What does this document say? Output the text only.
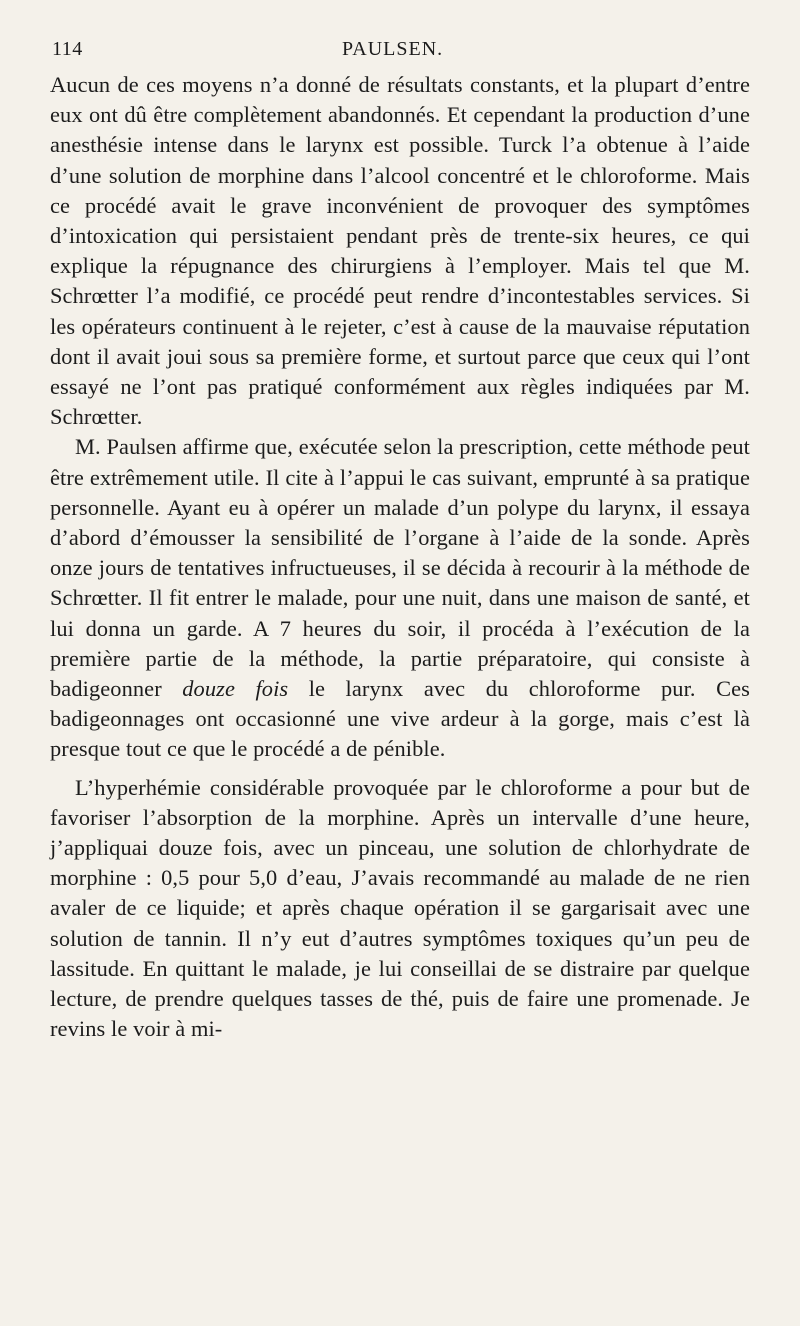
114	PAULSEN.

Aucun de ces moyens n’a donné de résultats constants, et la plupart d’entre eux ont dû être complètement abandonnés. Et cependant la production d’une anesthésie intense dans le larynx est possible. Turck l’a obtenue à l’aide d’une solution de morphine dans l’alcool concentré et le chloroforme. Mais ce procédé avait le grave inconvénient de provoquer des symptômes d’intoxication qui persistaient pendant près de trente-six heures, ce qui explique la répugnance des chirurgiens à l’employer. Mais tel que M. Schrœtter l’a modifié, ce procédé peut rendre d’incontestables services. Si les opérateurs continuent à le rejeter, c’est à cause de la mauvaise réputation dont il avait joui sous sa première forme, et surtout parce que ceux qui l’ont essayé ne l’ont pas pratiqué conformément aux règles indiquées par M. Schrœtter.

M. Paulsen affirme que, exécutée selon la prescription, cette méthode peut être extrêmement utile. Il cite à l’appui le cas suivant, emprunté à sa pratique personnelle. Ayant eu à opérer un malade d’un polype du larynx, il essaya d’abord d’émousser la sensibilité de l’organe à l’aide de la sonde. Après onze jours de tentatives infructueuses, il se décida à recourir à la méthode de Schrœtter. Il fit entrer le malade, pour une nuit, dans une maison de santé, et lui donna un garde. A 7 heures du soir, il procéda à l’exécution de la première partie de la méthode, la partie préparatoire, qui consiste à badigeonner douze fois le larynx avec du chloroforme pur. Ces badigeonnages ont occasionné une vive ardeur à la gorge, mais c’est là presque tout ce que le procédé a de pénible.

L’hyperhémie considérable provoquée par le chloroforme a pour but de favoriser l’absorption de la morphine. Après un intervalle d’une heure, j’appliquai douze fois, avec un pinceau, une solution de chlorhydrate de morphine : 0,5 pour 5,0 d’eau, J’avais recommandé au malade de ne rien avaler de ce liquide; et après chaque opération il se gargarisait avec une solution de tannin. Il n’y eut d’autres symptômes toxiques qu’un peu de lassitude. En quittant le malade, je lui conseillai de se distraire par quelque lecture, de prendre quelques tasses de thé, puis de faire une promenade. Je revins le voir à mi-
